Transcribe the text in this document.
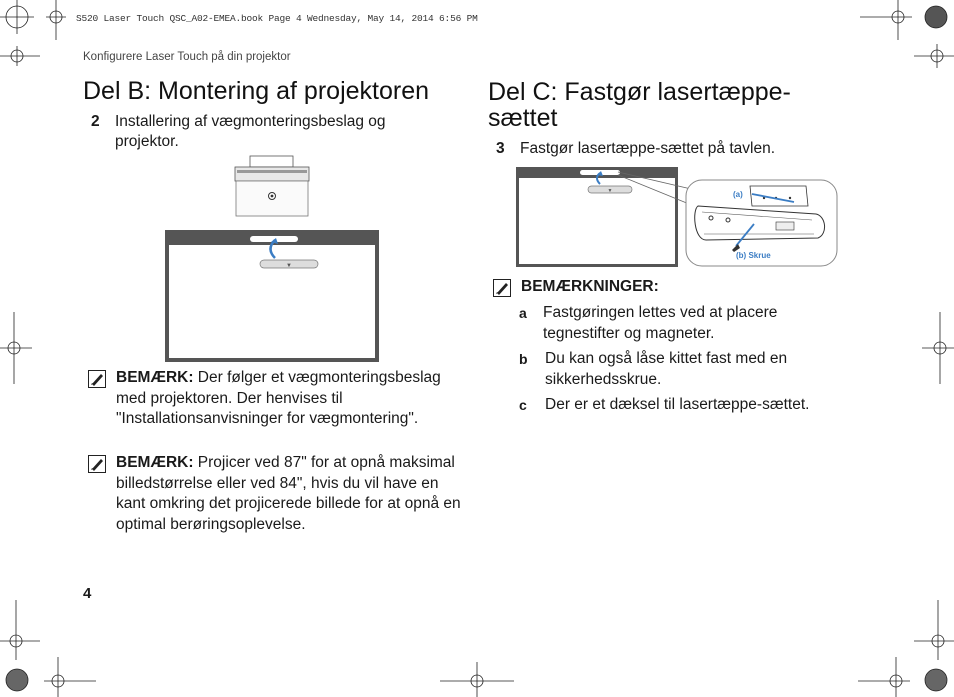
S520 Laser Touch QSC_A02-EMEA.book Page 4 Wednesday, May 14, 2014 6:56 PM
Konfigurere Laser Touch på din projektor
Del B: Montering af projektoren
2 Installering af vægmonteringsbeslag og projektor.
▼
BEMÆRK: Der følger et vægmonteringsbeslag med projektoren. Der henvises til "Installationsanvisninger for vægmontering".
BEMÆRK: Projicer ved 87" for at opnå maksimal billedstørrelse eller ved 84", hvis du vil have en kant omkring det projicerede billede for at opnå en optimal berøringsoplevelse.
4
Del C: Fastgør lasertæppe-sættet
3 Fastgør lasertæppe-sættet på tavlen.
▼	(a)
(b) Skrue
BEMÆRKNINGER:
a Fastgøringen lettes ved at placere tegnestifter og magneter.
b Du kan også låse kittet fast med en sikkerhedsskrue.
c Der er et dæksel til lasertæppe-sættet.
